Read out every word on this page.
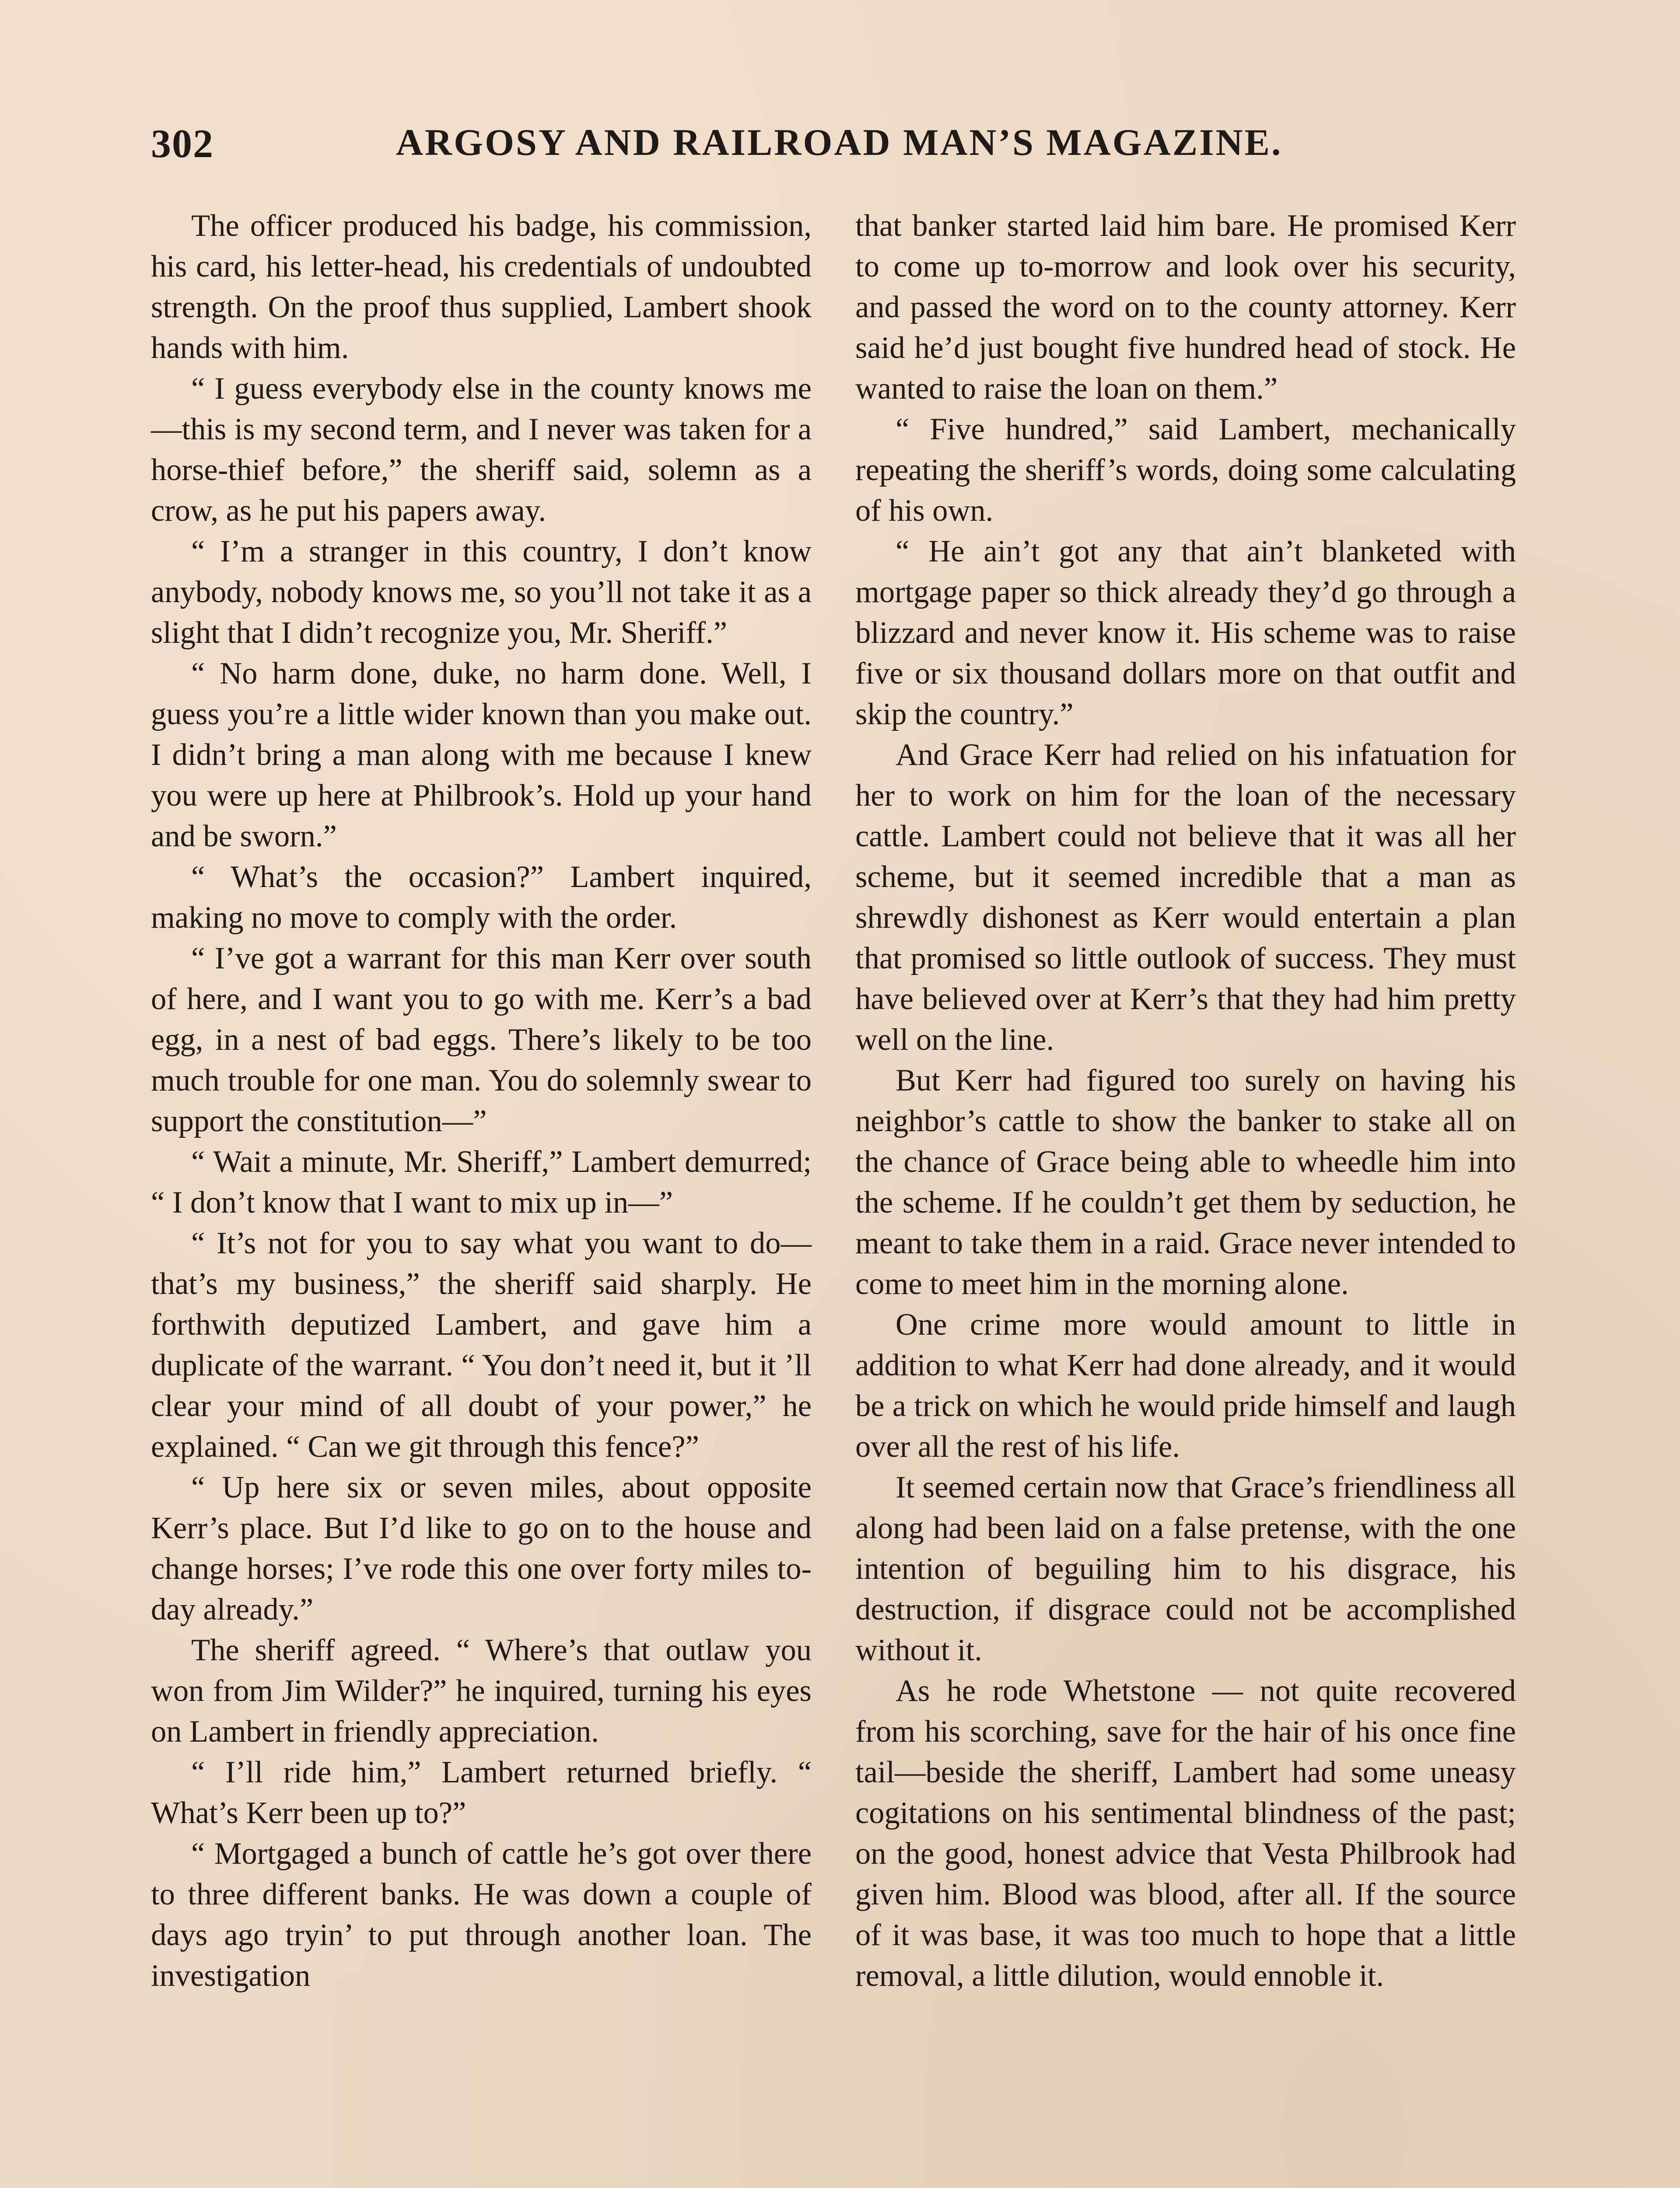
302	ARGOSY AND RAILROAD MAN’S MAGAZINE.

The officer produced his badge, his commission, his card, his letter-head, his credentials of undoubted strength. On the proof thus supplied, Lambert shook hands with him.

“ I guess everybody else in the county knows me—this is my second term, and I never was taken for a horse-thief before,” the sheriff said, solemn as a crow, as he put his papers away.

“ I’m a stranger in this country, I don’t know anybody, nobody knows me, so you’ll not take it as a slight that I didn’t recognize you, Mr. Sheriff.”

“ No harm done, duke, no harm done. Well, I guess you’re a little wider known than you make out. I didn’t bring a man along with me because I knew you were up here at Philbrook’s. Hold up your hand and be sworn.”

“ What’s the occasion?” Lambert inquired, making no move to comply with the order.

“ I’ve got a warrant for this man Kerr over south of here, and I want you to go with me. Kerr’s a bad egg, in a nest of bad eggs. There’s likely to be too much trouble for one man. You do solemnly swear to support the constitution—”

“ Wait a minute, Mr. Sheriff,” Lambert demurred; “ I don’t know that I want to mix up in—”

“ It’s not for you to say what you want to do—that’s my business,” the sheriff said sharply. He forthwith deputized Lambert, and gave him a duplicate of the warrant. “ You don’t need it, but it ’ll clear your mind of all doubt of your power,” he explained. “ Can we git through this fence?”

“ Up here six or seven miles, about opposite Kerr’s place. But I’d like to go on to the house and change horses; I’ve rode this one over forty miles to-day already.”

The sheriff agreed. “ Where’s that outlaw you won from Jim Wilder?” he inquired, turning his eyes on Lambert in friendly appreciation.

“ I’ll ride him,” Lambert returned briefly. “ What’s Kerr been up to?”

“ Mortgaged a bunch of cattle he’s got over there to three different banks. He was down a couple of days ago tryin’ to put through another loan. The investigation

that banker started laid him bare. He promised Kerr to come up to-morrow and look over his security, and passed the word on to the county attorney. Kerr said he’d just bought five hundred head of stock. He wanted to raise the loan on them.”

“ Five hundred,” said Lambert, mechanically repeating the sheriff’s words, doing some calculating of his own.

“ He ain’t got any that ain’t blanketed with mortgage paper so thick already they’d go through a blizzard and never know it. His scheme was to raise five or six thousand dollars more on that outfit and skip the country.”

And Grace Kerr had relied on his infatuation for her to work on him for the loan of the necessary cattle. Lambert could not believe that it was all her scheme, but it seemed incredible that a man as shrewdly dishonest as Kerr would entertain a plan that promised so little outlook of success. They must have believed over at Kerr’s that they had him pretty well on the line.

But Kerr had figured too surely on having his neighbor’s cattle to show the banker to stake all on the chance of Grace being able to wheedle him into the scheme. If he couldn’t get them by seduction, he meant to take them in a raid. Grace never intended to come to meet him in the morning alone.

One crime more would amount to little in addition to what Kerr had done already, and it would be a trick on which he would pride himself and laugh over all the rest of his life.

It seemed certain now that Grace’s friendliness all along had been laid on a false pretense, with the one intention of beguiling him to his disgrace, his destruction, if disgrace could not be accomplished without it.

As he rode Whetstone — not quite recovered from his scorching, save for the hair of his once fine tail—beside the sheriff, Lambert had some uneasy cogitations on his sentimental blindness of the past; on the good, honest advice that Vesta Philbrook had given him. Blood was blood, after all. If the source of it was base, it was too much to hope that a little removal, a little dilution, would ennoble it.
